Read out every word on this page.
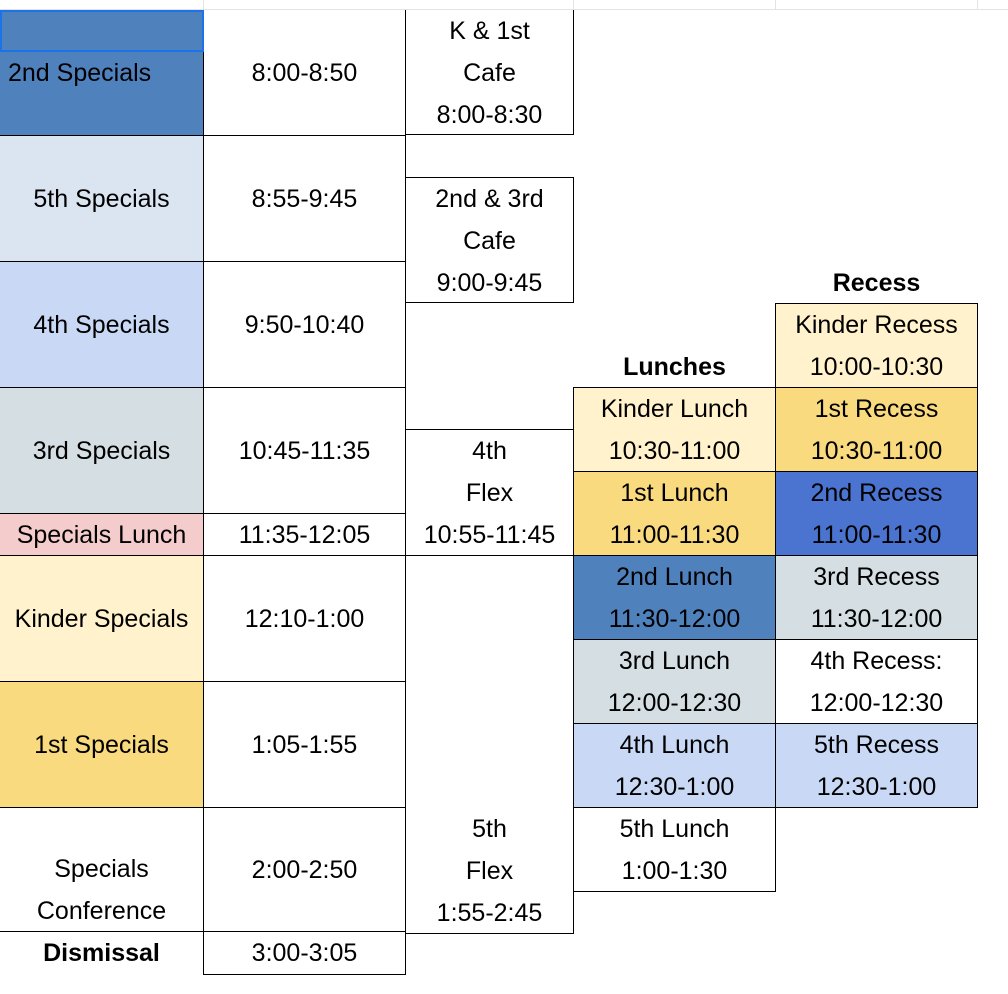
2nd Specials
5th Specials
4th Specials
3rd Specials
Specials Lunch
Kinder Specials
1st Specials
Specials
Conference
Dismissal
8:00-8:50
8:55-9:45
9:50-10:40
10:45-11:35
11:35-12:05
12:10-1:00
1:05-1:55
2:00-2:50
3:00-3:05
K & 1st
Cafe
8:00-8:30
2nd & 3rd
Cafe
9:00-9:45
4th
Flex
10:55-11:45
5th
Flex
1:55-2:45
Lunches
Kinder Lunch
10:30-11:00
1st Lunch
11:00-11:30
2nd Lunch
11:30-12:00
3rd Lunch
12:00-12:30
4th Lunch
12:30-1:00
5th Lunch
1:00-1:30
Recess
Kinder Recess
10:00-10:30
1st Recess
10:30-11:00
2nd Recess
11:00-11:30
3rd Recess
11:30-12:00
4th Recess:
12:00-12:30
5th Recess
12:30-1:00
